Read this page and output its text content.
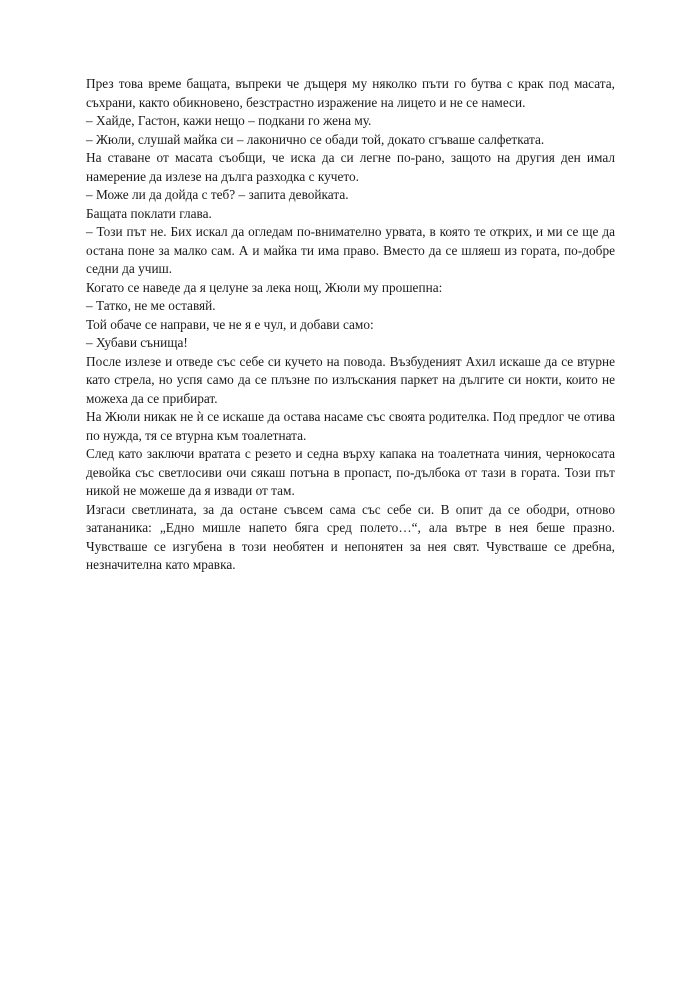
През това време бащата, въпреки че дъщеря му няколко пъти го бутва с крак под масата, съхрани, както обикновено, безстрастно изражение на лицето и не се намеси.

– Хайде, Гастон, кажи нещо – подкани го жена му.

– Жюли, слушай майка си – лаконично се обади той, докато сгъваше салфетката.

На ставане от масата съобщи, че иска да си легне по-рано, защото на другия ден имал намерение да излезе на дълга разходка с кучето.

– Може ли да дойда с теб? – запита девойката.

Бащата поклати глава.

– Този път не. Бих искал да огледам по-внимателно урвата, в която те открих, и ми се ще да остана поне за малко сам. А и майка ти има право. Вместо да се шляеш из гората, по-добре седни да учиш.

Когато се наведе да я целуне за лека нощ, Жюли му прошепна:

– Татко, не ме оставяй.

Той обаче се направи, че не я е чул, и добави само:

– Хубави сънища!

После излезе и отведе със себе си кучето на повода. Възбуденият Ахил искаше да се втурне като стрела, но успя само да се плъзне по излъскания паркет на дългите си нокти, които не можеха да се прибират.

На Жюли никак не ѝ се искаше да остава насаме със своята родителка. Под предлог че отива по нужда, тя се втурна към тоалетната.

След като заключи вратата с резето и седна върху капака на тоалетната чиния, чернокосата девойка със светлосиви очи сякаш потъна в пропаст, по-дълбока от тази в гората. Този път никой не можеше да я извади от там.

Изгаси светлината, за да остане съвсем сама със себе си. В опит да се ободри, отново затананика: „Едно мишле напето бяга сред полето…“, ала вътре в нея беше празно. Чувстваше се изгубена в този необятен и непонятен за нея свят. Чувстваше се дребна, незначителна като мравка.
